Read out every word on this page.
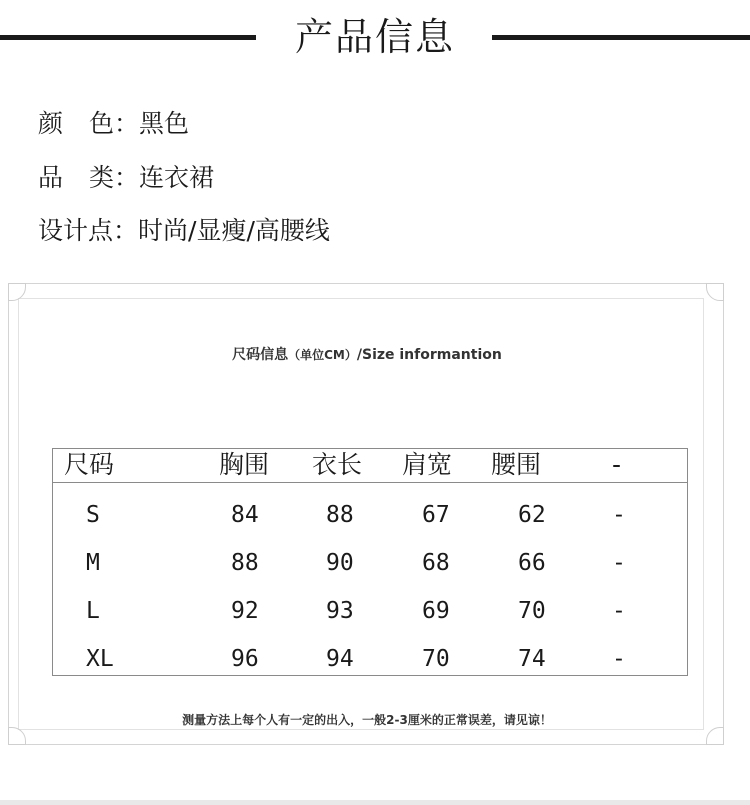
产品信息
颜色：黑色
品类：连衣裙
设计点：时尚/显瘦/高腰线
尺码信息（单位CM）/Size informantion
尺码	胸围 衣长 肩宽 腰围	-
S	84	88	67	62	-
M	88	90	68	66	-
L	92	93	69	70	-
XL	96	94	70	74	-
测量方法上每个人有一定的出入，一般2-3厘米的正常误差，请见谅！
